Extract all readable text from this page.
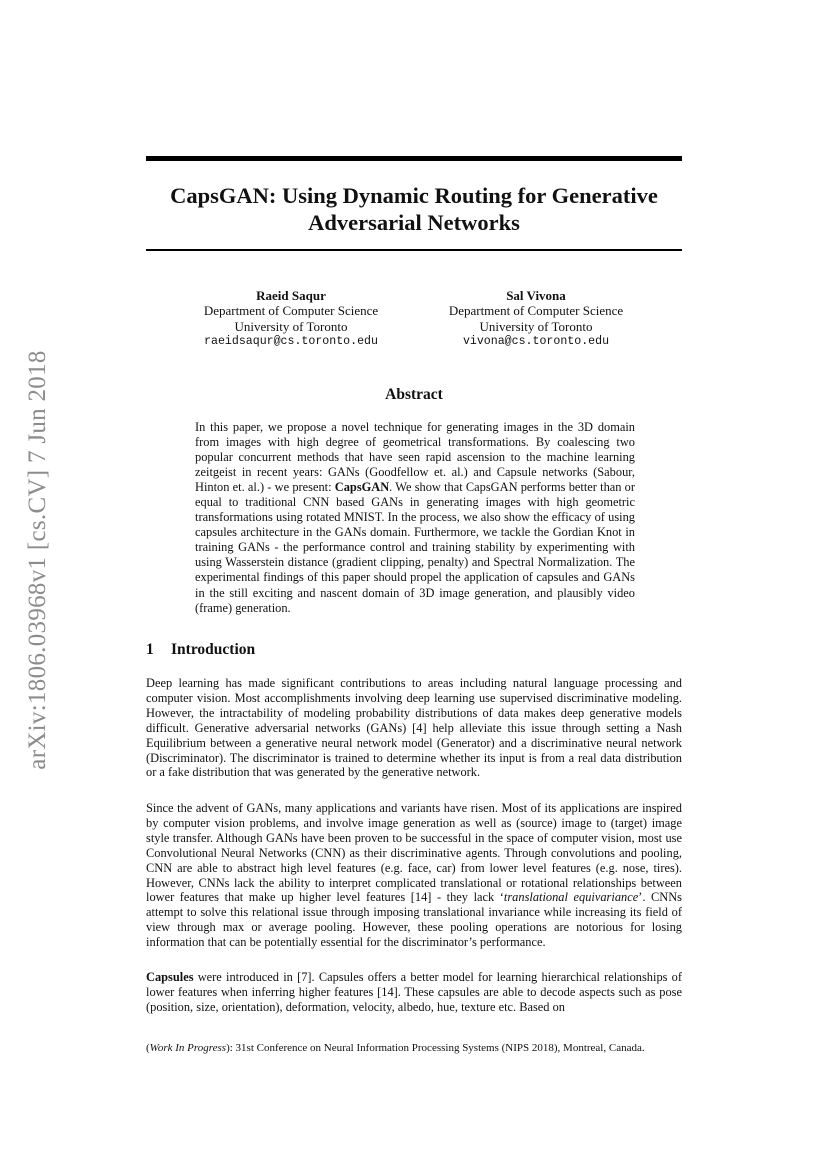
arXiv:1806.03968v1 [cs.CV] 7 Jun 2018
CapsGAN: Using Dynamic Routing for Generative
Adversarial Networks
Raeid Saqur
Department of Computer Science
University of Toronto
raeidsaqur@cs.toronto.edu
Sal Vivona
Department of Computer Science
University of Toronto
vivona@cs.toronto.edu
Abstract

In this paper, we propose a novel technique for generating images in the 3D domain from images with high degree of geometrical transformations. By coalescing two popular concurrent methods that have seen rapid ascension to the machine learning zeitgeist in recent years: GANs (Goodfellow et. al.) and Capsule networks (Sabour, Hinton et. al.) - we present: CapsGAN. We show that CapsGAN performs better than or equal to traditional CNN based GANs in generating images with high geometric transformations using rotated MNIST. In the process, we also show the efficacy of using capsules architecture in the GANs domain. Furthermore, we tackle the Gordian Knot in training GANs - the performance control and training stability by experimenting with using Wasserstein distance (gradient clipping, penalty) and Spectral Normalization. The experimental findings of this paper should propel the application of capsules and GANs in the still exciting and nascent domain of 3D image generation, and plausibly video (frame) generation.

1 Introduction

Deep learning has made significant contributions to areas including natural language processing and computer vision. Most accomplishments involving deep learning use supervised discriminative modeling. However, the intractability of modeling probability distributions of data makes deep generative models difficult. Generative adversarial networks (GANs) [4] help alleviate this issue through setting a Nash Equilibrium between a generative neural network model (Generator) and a discriminative neural network (Discriminator). The discriminator is trained to determine whether its input is from a real data distribution or a fake distribution that was generated by the generative network.

Since the advent of GANs, many applications and variants have risen. Most of its applications are inspired by computer vision problems, and involve image generation as well as (source) image to (target) image style transfer. Although GANs have been proven to be successful in the space of computer vision, most use Convolutional Neural Networks (CNN) as their discriminative agents. Through convolutions and pooling, CNN are able to abstract high level features (e.g. face, car) from lower level features (e.g. nose, tires). However, CNNs lack the ability to interpret complicated translational or rotational relationships between lower features that make up higher level features [14] - they lack ‘translational equivariance’. CNNs attempt to solve this relational issue through imposing translational invariance while increasing its field of view through max or average pooling. However, these pooling operations are notorious for losing information that can be potentially essential for the discriminator’s performance.

Capsules were introduced in [7]. Capsules offers a better model for learning hierarchical relationships of lower features when inferring higher features [14]. These capsules are able to decode aspects such as pose (position, size, orientation), deformation, velocity, albedo, hue, texture etc. Based on

(Work In Progress): 31st Conference on Neural Information Processing Systems (NIPS 2018), Montreal, Canada.
